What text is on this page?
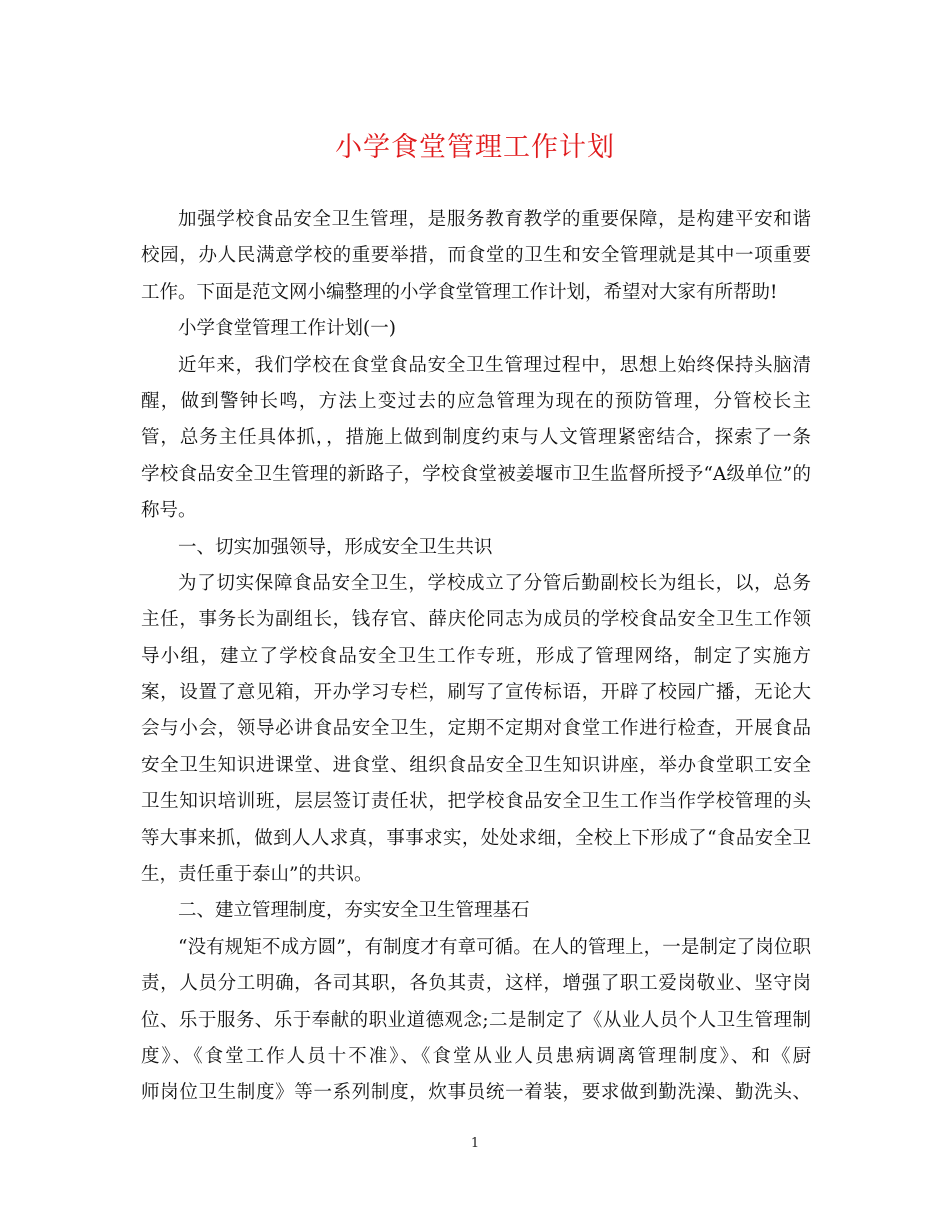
小学食堂管理工作计划
加强学校食品安全卫生管理，是服务教育教学的重要保障，是构建平安和谐
校园，办人民满意学校的重要举措，而食堂的卫生和安全管理就是其中一项重要
工作。下面是范文网小编整理的小学食堂管理工作计划，希望对大家有所帮助!
小学食堂管理工作计划(一)
近年来，我们学校在食堂食品安全卫生管理过程中，思想上始终保持头脑清
醒，做到警钟长鸣，方法上变过去的应急管理为现在的预防管理，分管校长主
管，总务主任具体抓，，措施上做到制度约束与人文管理紧密结合，探索了一条
学校食品安全卫生管理的新路子，学校食堂被姜堰市卫生监督所授予“A级单位”的
称号。
一、切实加强领导，形成安全卫生共识
为了切实保障食品安全卫生，学校成立了分管后勤副校长为组长，以，总务
主任，事务长为副组长，钱存官、薛庆伦同志为成员的学校食品安全卫生工作领
导小组，建立了学校食品安全卫生工作专班，形成了管理网络，制定了实施方
案，设置了意见箱，开办学习专栏，刷写了宣传标语，开辟了校园广播，无论大
会与小会，领导必讲食品安全卫生，定期不定期对食堂工作进行检查，开展食品
安全卫生知识进课堂、进食堂、组织食品安全卫生知识讲座，举办食堂职工安全
卫生知识培训班，层层签订责任状，把学校食品安全卫生工作当作学校管理的头
等大事来抓，做到人人求真，事事求实，处处求细，全校上下形成了“食品安全卫
生，责任重于泰山”的共识。
二、建立管理制度，夯实安全卫生管理基石
“没有规矩不成方圆”，有制度才有章可循。在人的管理上，一是制定了岗位职
责，人员分工明确，各司其职，各负其责，这样，增强了职工爱岗敬业、坚守岗
位、乐于服务、乐于奉献的职业道德观念;二是制定了《从业人员个人卫生管理制
度》、《食堂工作人员十不准》、《食堂从业人员患病调离管理制度》、和《厨
师岗位卫生制度》等一系列制度，炊事员统一着装，要求做到勤洗澡、勤洗头、
1
